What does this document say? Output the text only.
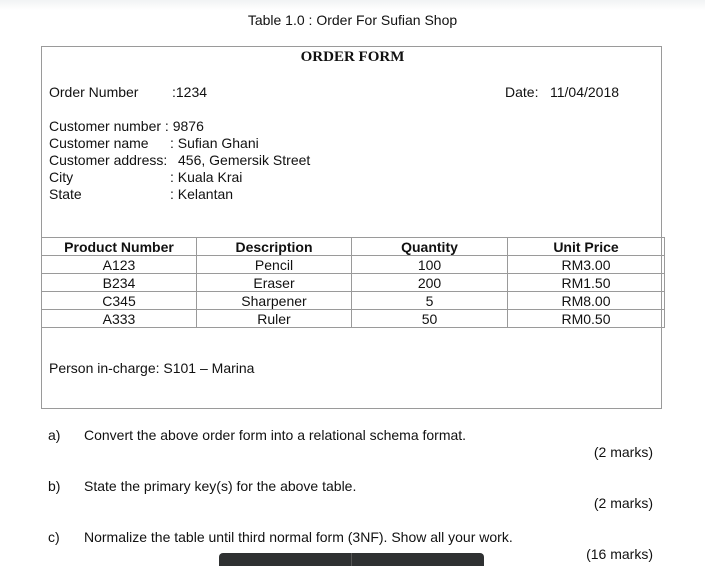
Table 1.0 : Order For Sufian Shop
ORDER FORM
Order Number :1234	Date: 11/04/2018
Customer number : 9876
Customer name : Sufian Ghani
Customer address: 456, Gemersik Street
City	: Kuala Krai
State	: Kelantan
Product Number	Description	Quantity	Unit Price
A123	Pencil	100	RM3.00
B234	Eraser	200	RM1.50
C345	Sharpener	5	RM8.00
A333	Ruler	50	RM0.50
Person in-charge: S101 – Marina
a) Convert the above order form into a relational schema format.
(2 marks)
b) State the primary key(s) for the above table.
(2 marks)
c) Normalize the table until third normal form (3NF). Show all your work.
(16 marks)
